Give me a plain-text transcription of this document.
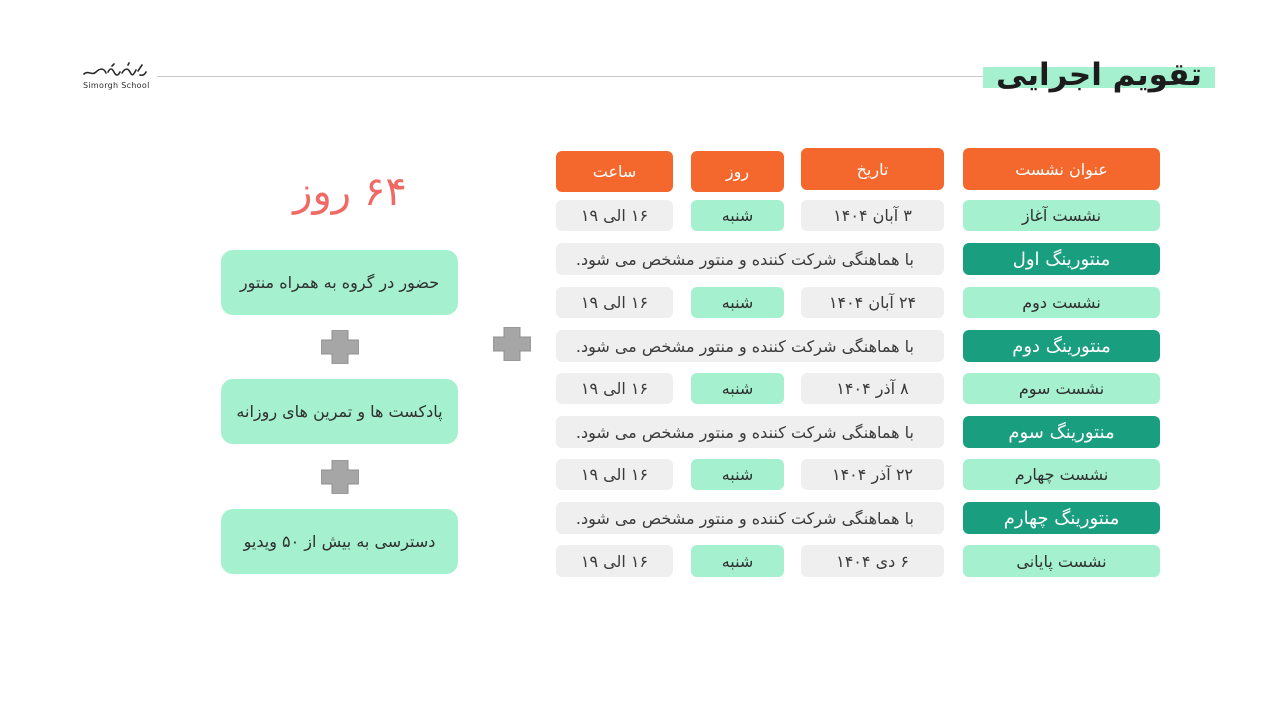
Simorgh School	تقویم اجرایی
عنوان نشست
تاریخ
روز
ساعت
نشست آغاز
۳ آبان ۱۴۰۴
شنبه
۱۶ الی ۱۹
منتورینگ اول
با هماهنگی شرکت کننده و منتور مشخص می شود.
نشست دوم
۲۴ آبان ۱۴۰۴
شنبه
۱۶ الی ۱۹
منتورینگ دوم
با هماهنگی شرکت کننده و منتور مشخص می شود.
نشست سوم
۸ آذر ۱۴۰۴
شنبه
۱۶ الی ۱۹
منتورینگ سوم
با هماهنگی شرکت کننده و منتور مشخص می شود.
نشست چهارم
۲۲ آذر ۱۴۰۴
شنبه
۱۶ الی ۱۹
منتورینگ چهارم
با هماهنگی شرکت کننده و منتور مشخص می شود.
نشست پایانی
۶ دی ۱۴۰۴
شنبه
۱۶ الی ۱۹
۶۴ روز
حضور در گروه به همراه منتور
پادکست ها و تمرین های روزانه
دسترسی به بیش از ۵۰ ویدیو
